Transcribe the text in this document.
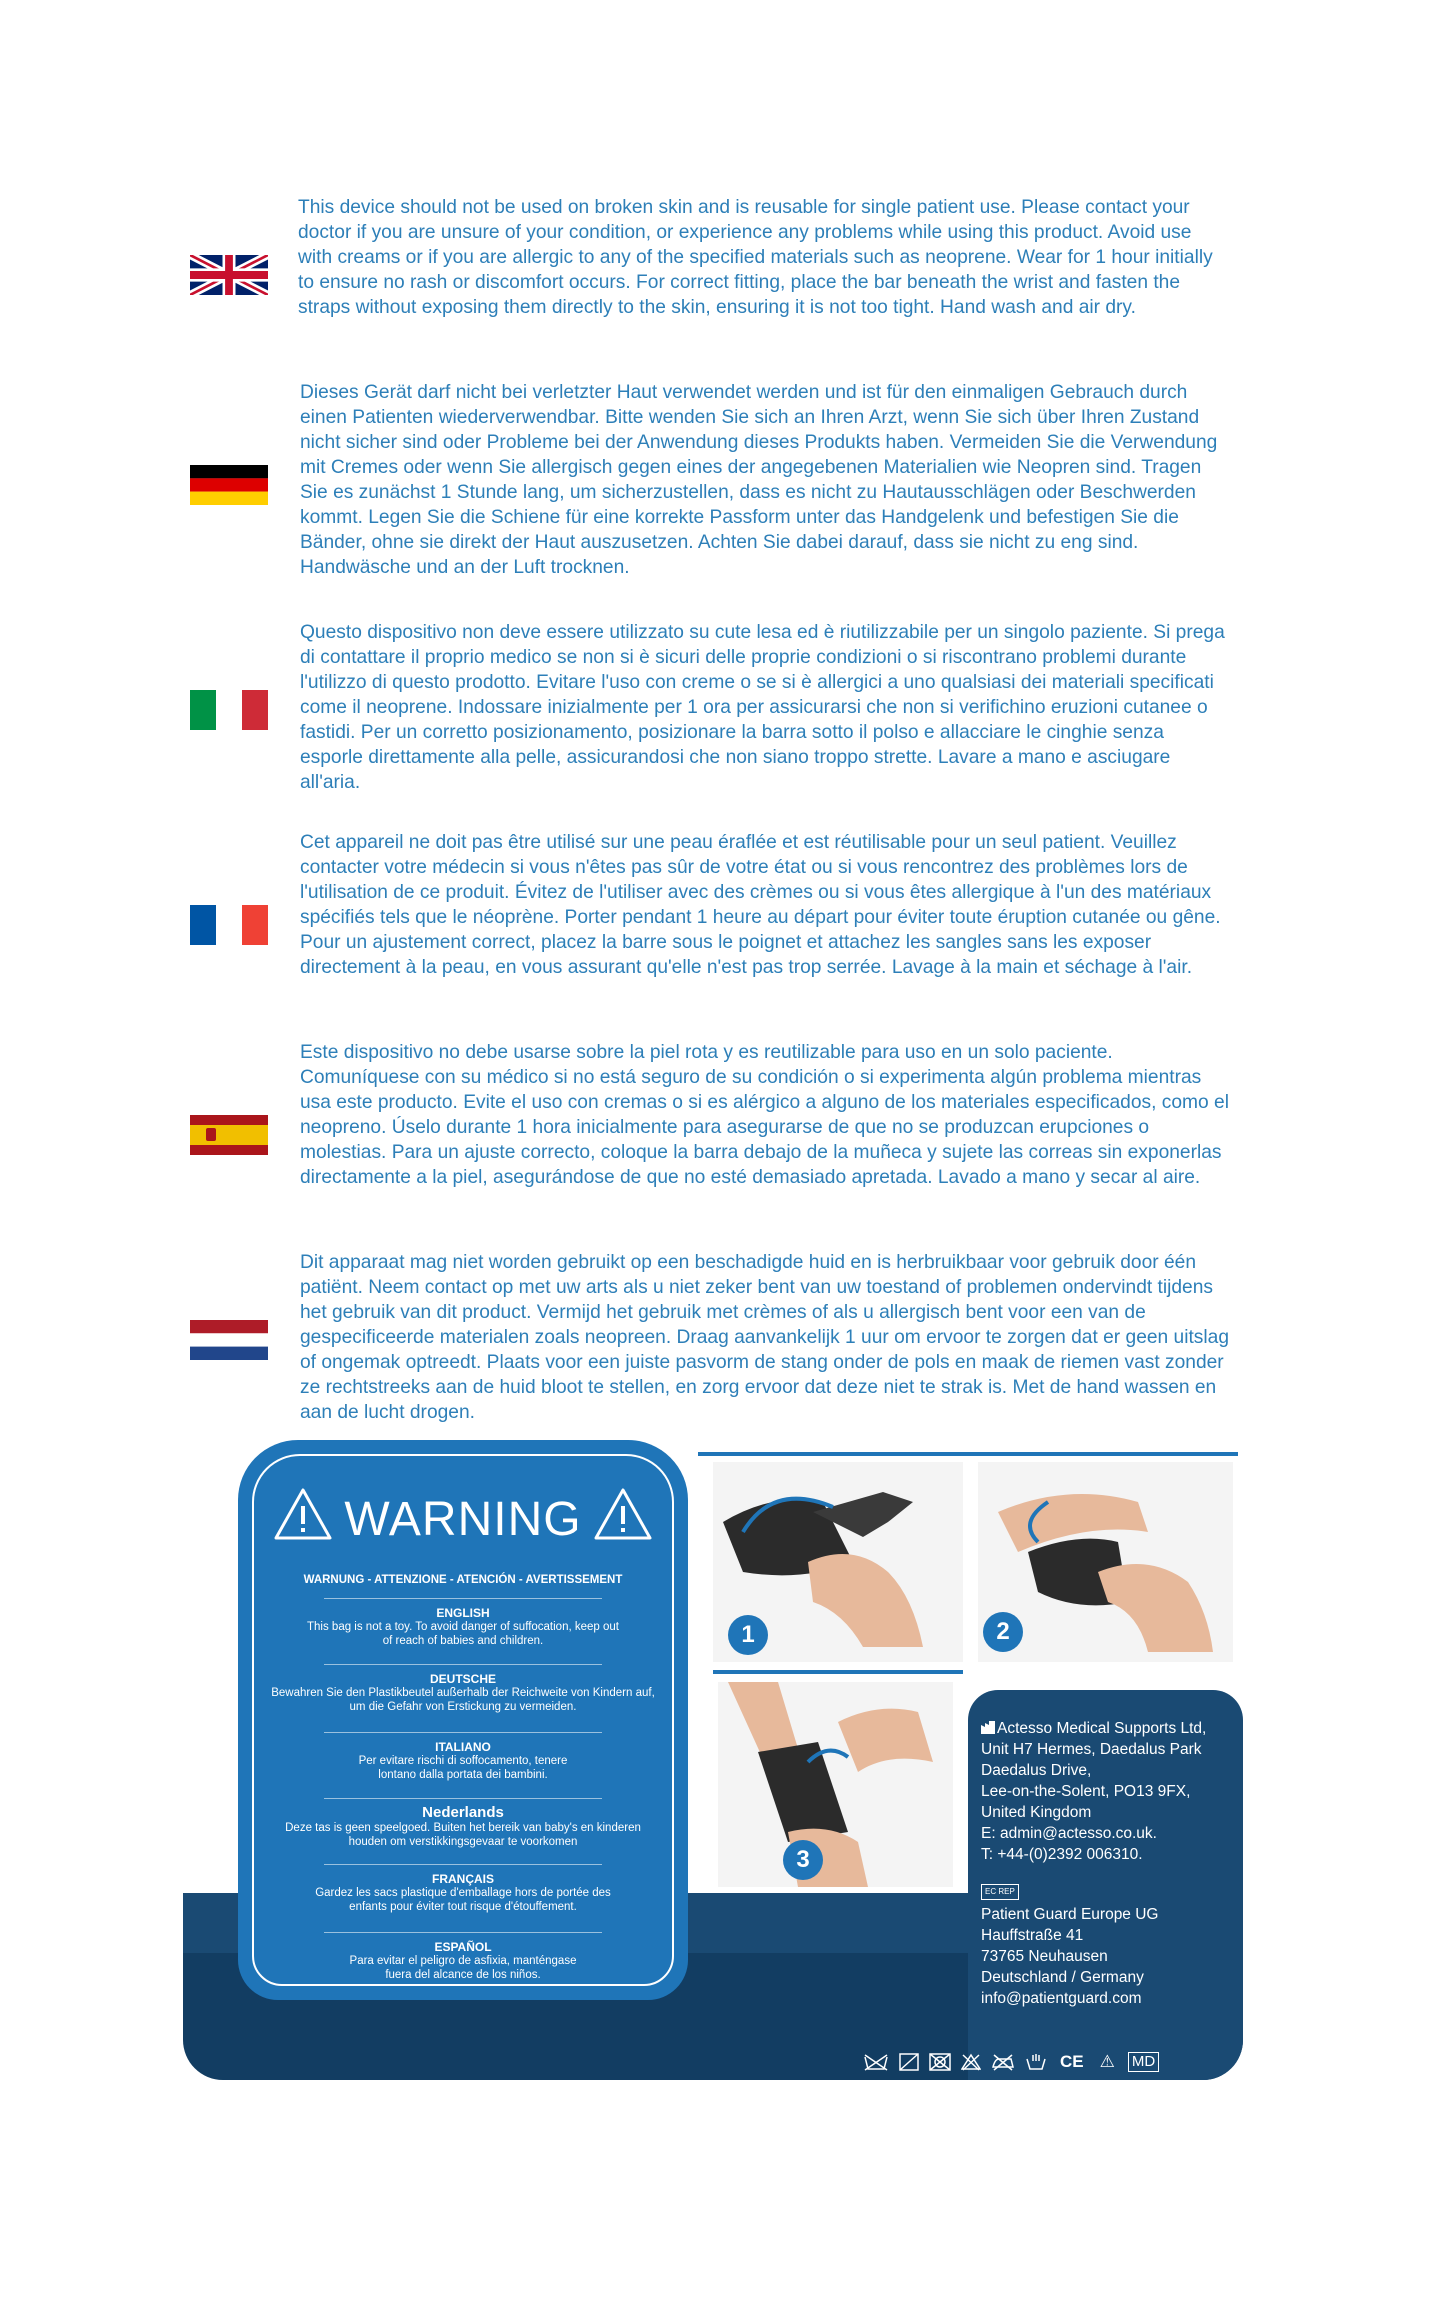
This device should not be used on broken skin and is reusable for single patient use. Please contact your doctor if you are unsure of your condition, or experience any problems while using this product. Avoid use with creams or if you are allergic to any of the specified materials such as neoprene. Wear for 1 hour initially to ensure no rash or discomfort occurs. For correct fitting, place the bar beneath the wrist and fasten the straps without exposing them directly to the skin, ensuring it is not too tight. Hand wash and air dry.

Dieses Gerät darf nicht bei verletzter Haut verwendet werden und ist für den einmaligen Gebrauch durch einen Patienten wiederverwendbar. Bitte wenden Sie sich an Ihren Arzt, wenn Sie sich über Ihren Zustand nicht sicher sind oder Probleme bei der Anwendung dieses Produkts haben. Vermeiden Sie die Verwendung mit Cremes oder wenn Sie allergisch gegen eines der angegebenen Materialien wie Neopren sind. Tragen Sie es zunächst 1 Stunde lang, um sicherzustellen, dass es nicht zu Hautausschlägen oder Beschwerden kommt. Legen Sie die Schiene für eine korrekte Passform unter das Handgelenk und befestigen Sie die Bänder, ohne sie direkt der Haut auszusetzen. Achten Sie dabei darauf, dass sie nicht zu eng sind. Handwäsche und an der Luft trocknen.

Questo dispositivo non deve essere utilizzato su cute lesa ed è riutilizzabile per un singolo paziente. Si prega di contattare il proprio medico se non si è sicuri delle proprie condizioni o si riscontrano problemi durante l'utilizzo di questo prodotto. Evitare l'uso con creme o se si è allergici a uno qualsiasi dei materiali specificati come il neoprene. Indossare inizialmente per 1 ora per assicurarsi che non si verifichino eruzioni cutanee o fastidi. Per un corretto posizionamento, posizionare la barra sotto il polso e allacciare le cinghie senza esporle direttamente alla pelle, assicurandosi che non siano troppo strette. Lavare a mano e asciugare all'aria.

Cet appareil ne doit pas être utilisé sur une peau éraflée et est réutilisable pour un seul patient. Veuillez contacter votre médecin si vous n'êtes pas sûr de votre état ou si vous rencontrez des problèmes lors de l'utilisation de ce produit. Évitez de l'utiliser avec des crèmes ou si vous êtes allergique à l'un des matériaux spécifiés tels que le néoprène. Porter pendant 1 heure au départ pour éviter toute éruption cutanée ou gêne. Pour un ajustement correct, placez la barre sous le poignet et attachez les sangles sans les exposer directement à la peau, en vous assurant qu'elle n'est pas trop serrée. Lavage à la main et séchage à l'air.

Este dispositivo no debe usarse sobre la piel rota y es reutilizable para uso en un solo paciente. Comuníquese con su médico si no está seguro de su condición o si experimenta algún problema mientras usa este producto. Evite el uso con cremas o si es alérgico a alguno de los materiales especificados, como el neopreno. Úselo durante 1 hora inicialmente para asegurarse de que no se produzcan erupciones o molestias. Para un ajuste correcto, coloque la barra debajo de la muñeca y sujete las correas sin exponerlas directamente a la piel, asegurándose de que no esté demasiado apretada. Lavado a mano y secar al aire.

Dit apparaat mag niet worden gebruikt op een beschadigde huid en is herbruikbaar voor gebruik door één patiënt. Neem contact op met uw arts als u niet zeker bent van uw toestand of problemen ondervindt tijdens het gebruik van dit product. Vermijd het gebruik met crèmes of als u allergisch bent voor een van de gespecificeerde materialen zoals neopreen. Draag aanvankelijk 1 uur om ervoor te zorgen dat er geen uitslag of ongemak optreedt. Plaats voor een juiste pasvorm de stang onder de pols en maak de riemen vast zonder ze rechtstreeks aan de huid bloot te stellen, en zorg ervoor dat deze niet te strak is. Met de hand wassen en aan de lucht drogen.

WARNING
WARNUNG - ATTENZIONE - ATENCIÓN - AVERTISSEMENT
ENGLISH
This bag is not a toy. To avoid danger of suffocation, keep out of reach of babies and children.
DEUTSCHE
Bewahren Sie den Plastikbeutel außerhalb der Reichweite von Kindern auf, um die Gefahr von Erstickung zu vermeiden.
ITALIANO
Per evitare rischi di soffocamento, tenere lontano dalla portata dei bambini.
Nederlands
Deze tas is geen speelgoed. Buiten het bereik van baby's en kinderen houden om verstikkingsgevaar te voorkomen
FRANÇAIS
Gardez les sacs plastique d'emballage hors de portée des enfants pour éviter tout risque d'étouffement.
ESPAÑOL
Para evitar el peligro de asfixia, manténgase fuera del alcance de los niños.
1	2
3

Actesso Medical Supports Ltd,

Unit H7 Hermes, Daedalus Park

Daedalus Drive,

Lee-on-the-Solent, PO13 9FX,

United Kingdom

E: admin@actesso.co.uk.

T: +44-(0)2392 006310.

EC REP

Patient Guard Europe UG

Hauffstraße 41

73765 Neuhausen

Deutschland / Germany

info@patientguard.com

CE ⚠ MD
